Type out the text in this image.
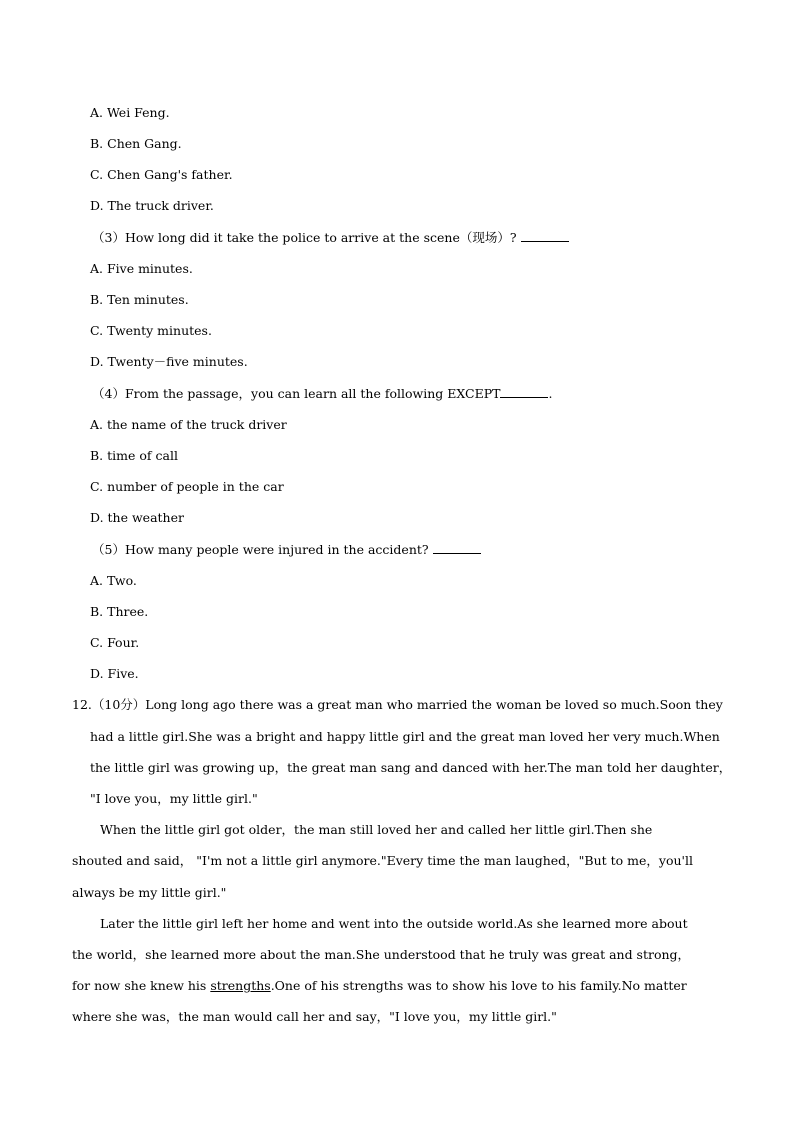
A. Wei Feng.
B. Chen Gang.
C. Chen Gang's father.
D. The truck driver.
（3）How long did it take the police to arrive at the scene（现场）?
A. Five minutes.
B. Ten minutes.
C. Twenty minutes.
D. Twenty－five minutes.
（4）From the passage，you can learn all the following EXCEPT	.
A. the name of the truck driver
B. time of call
C. number of people in the car
D. the weather
（5）How many people were injured in the accident?
A. Two.
B. Three.
C. Four.
D. Five.
12.（10分）Long long ago there was a great man who married the woman be loved so much.Soon they
had a little girl.She was a bright and happy little girl and the great man loved her very much.When
the little girl was growing up，the great man sang and danced with her.The man told her daughter，
"I love you，my little girl."
When the little girl got older，the man still loved her and called her little girl.Then she
shouted and said， "I'm not a little girl anymore."Every time the man laughed，"But to me，you'll
always be my little girl."
Later the little girl left her home and went into the outside world.As she learned more about
the world，she learned more about the man.She understood that he truly was great and strong，
for now she knew his strengths.One of his strengths was to show his love to his family.No matter
where she was，the man would call her and say，"I love you，my little girl."
